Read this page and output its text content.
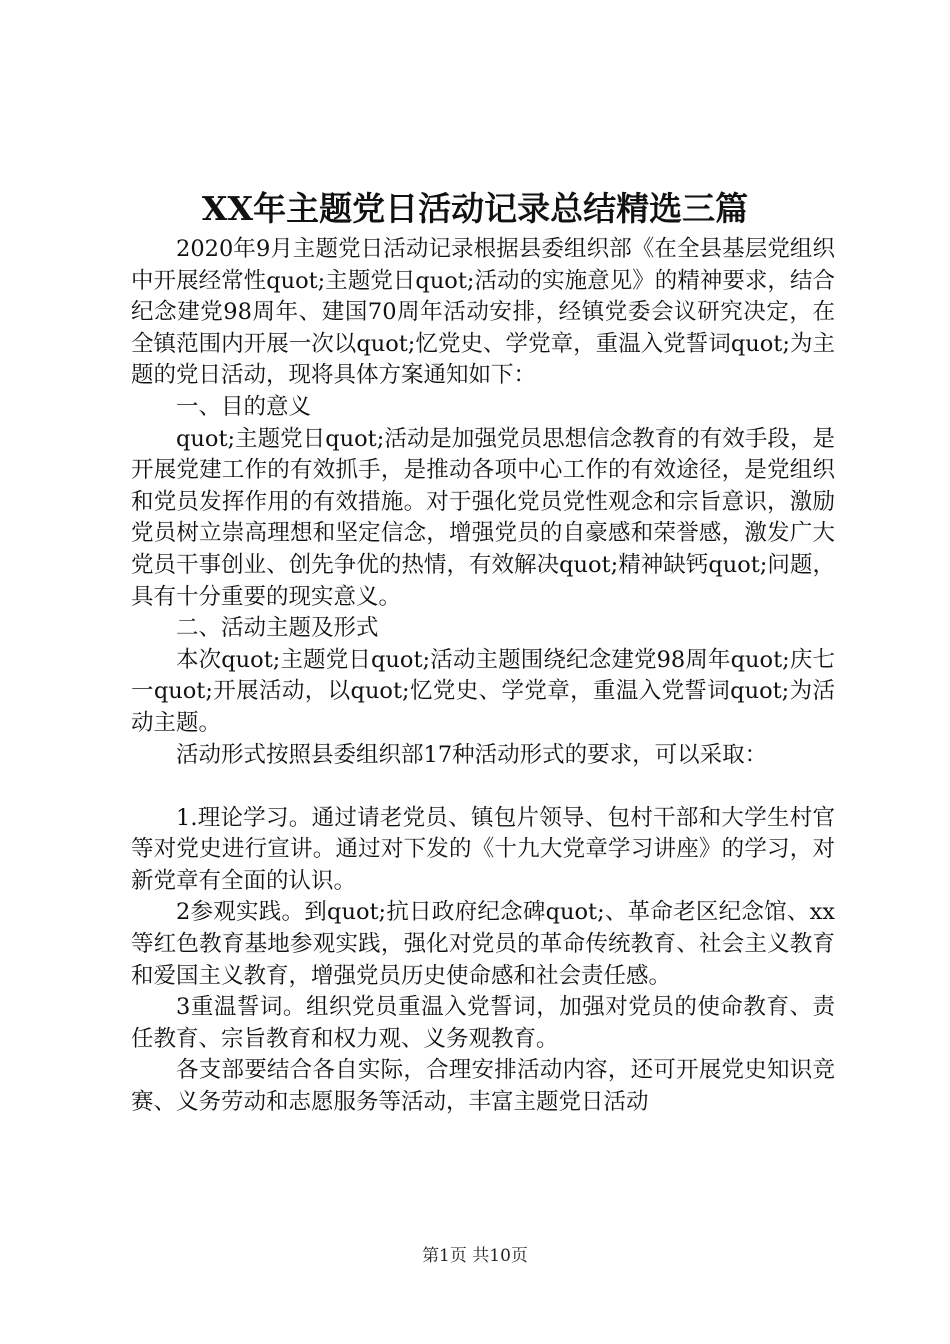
XX年主题党日活动记录总结精选三篇

2020年9月主题党日活动记录根据县委组织部《在全县基层党组织中开展经常性quot;主题党日quot;活动的实施意见》的精神要求，结合纪念建党98周年、建国70周年活动安排，经镇党委会议研究决定，在全镇范围内开展一次以quot;忆党史、学党章，重温入党誓词quot;为主题的党日活动，现将具体方案通知如下：

一、目的意义

quot;主题党日quot;活动是加强党员思想信念教育的有效手段，是开展党建工作的有效抓手，是推动各项中心工作的有效途径，是党组织和党员发挥作用的有效措施。对于强化党员党性观念和宗旨意识，激励党员树立崇高理想和坚定信念，增强党员的自豪感和荣誉感，激发广大党员干事创业、创先争优的热情，有效解决quot;精神缺钙quot;问题，具有十分重要的现实意义。

二、活动主题及形式

本次quot;主题党日quot;活动主题围绕纪念建党98周年quot;庆七一quot;开展活动，以quot;忆党史、学党章，重温入党誓词quot;为活动主题。

活动形式按照县委组织部17种活动形式的要求，可以采取：

1.理论学习。通过请老党员、镇包片领导、包村干部和大学生村官等对党史进行宣讲。通过对下发的《十九大党章学习讲座》的学习，对新党章有全面的认识。

2参观实践。到quot;抗日政府纪念碑quot;、革命老区纪念馆、xx等红色教育基地参观实践，强化对党员的革命传统教育、社会主义教育和爱国主义教育，增强党员历史使命感和社会责任感。

3重温誓词。组织党员重温入党誓词，加强对党员的使命教育、责任教育、宗旨教育和权力观、义务观教育。

各支部要结合各自实际，合理安排活动内容，还可开展党史知识竞赛、义务劳动和志愿服务等活动，丰富主题党日活动

第1页 共10页
